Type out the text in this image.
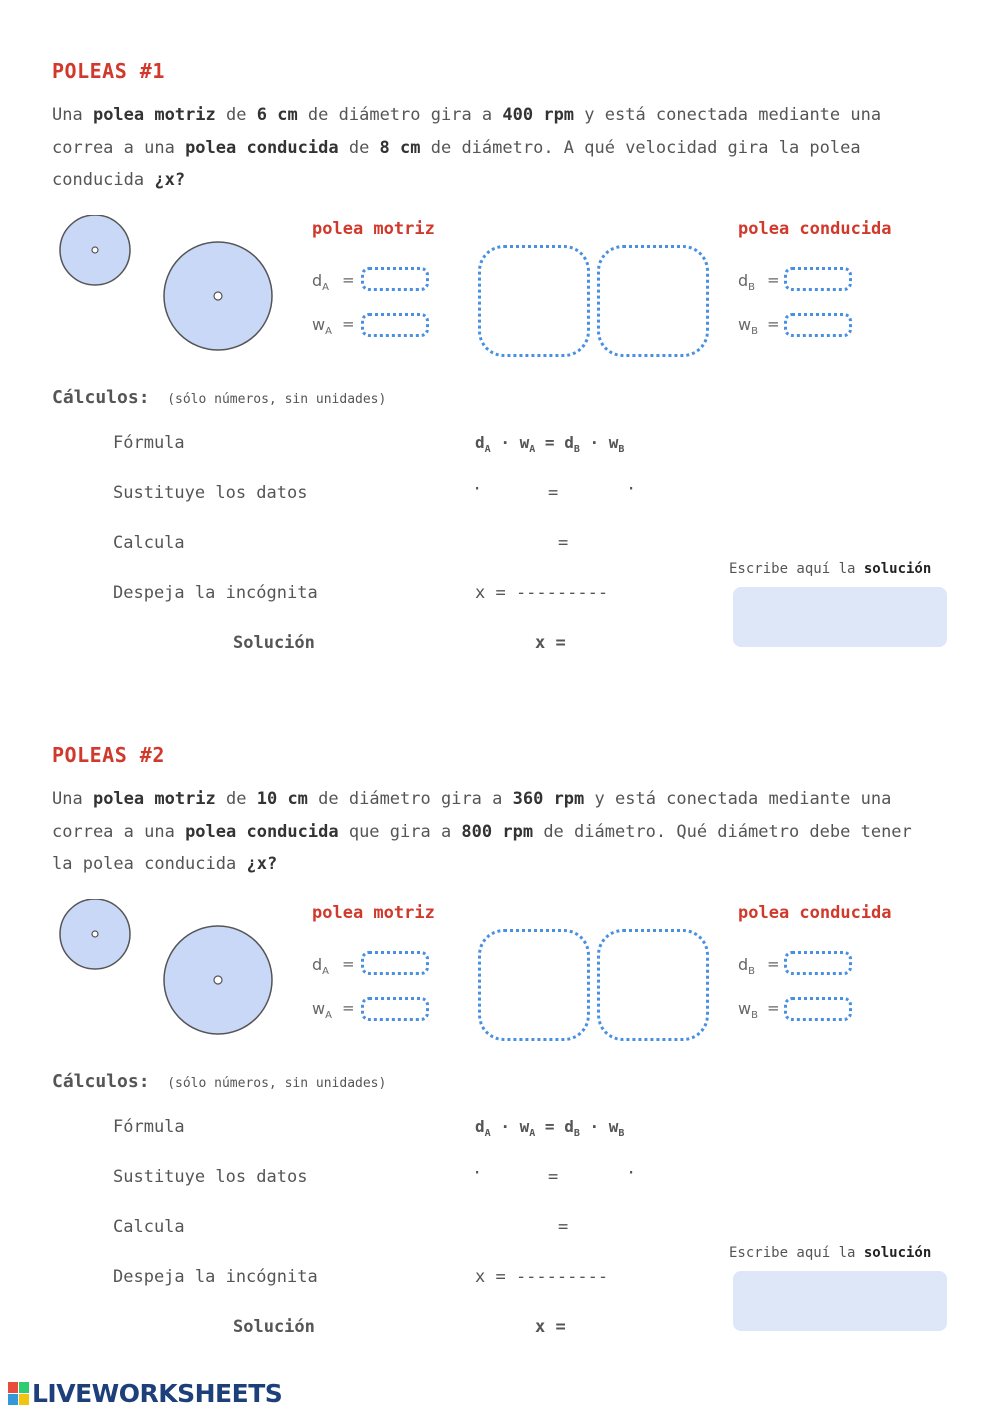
POLEAS #1

Una polea motriz de 6 cm de diámetro gira a 400 rpm y está conectada mediante una correa a una polea conducida de 8 cm de diámetro. A qué velocidad gira la polea conducida ¿x?

polea motriz	polea conducida
$d_A$ =
$w_A$ =
$d_B$ =
$w_B$ =
Cálculos: (sólo números, sin unidades)
Fórmula	$d_A \cdot w_A = d_B \cdot w_B$
Sustituye los datos	·	=	·
Calcula	=
Escribe aquí la solución
Despeja la incógnita	x = ---------
Solución	x =
POLEAS #2

Una polea motriz de 10 cm de diámetro gira a 360 rpm y está conectada mediante una correa a una polea conducida que gira a 800 rpm de diámetro. Qué diámetro debe tener la polea conducida ¿x?

polea motriz	polea conducida
$d_A$ =
$w_A$ =
$d_B$ =
$w_B$ =
Cálculos: (sólo números, sin unidades)
Fórmula	$d_A \cdot w_A = d_B \cdot w_B$
Sustituye los datos	·	=	·
Calcula	=
Escribe aquí la solución
Despeja la incógnita	x = ---------
Solución	x =
LIVEWORKSHEETS
